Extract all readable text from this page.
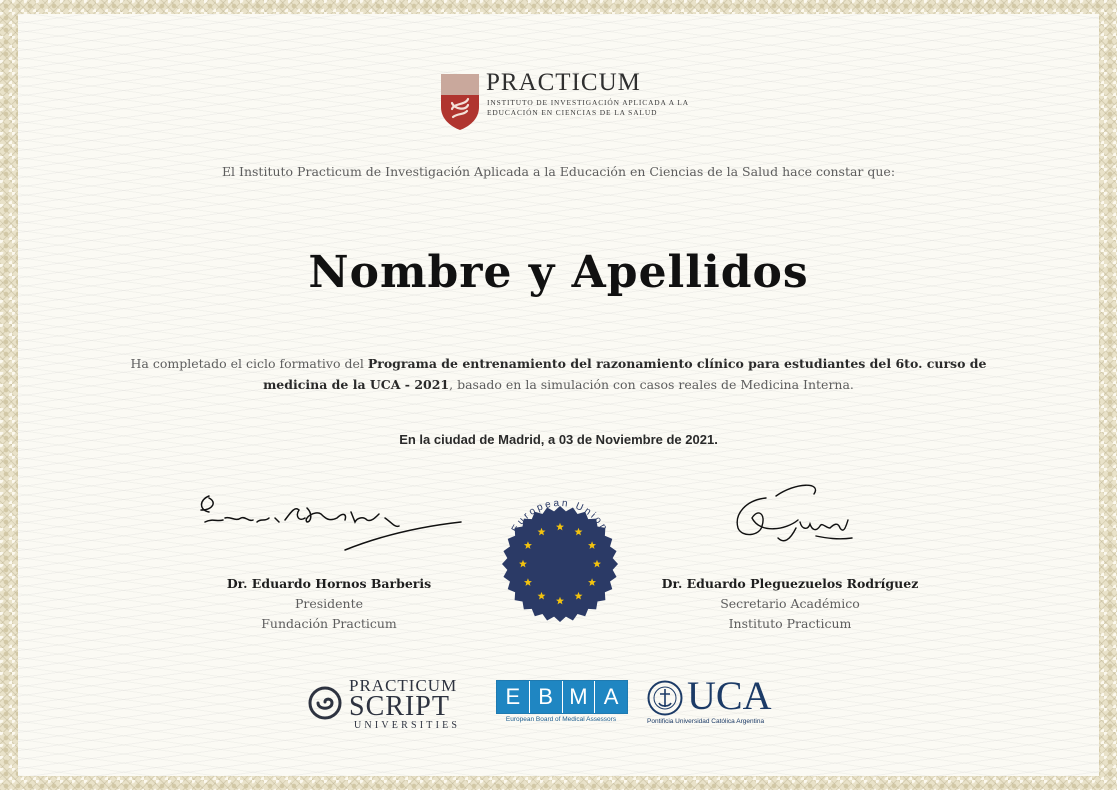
PRACTICUM
INSTITUTO DE INVESTIGACIÓN APLICADA A LA
EDUCACIÓN EN CIENCIAS DE LA SALUD
El Instituto Practicum de Investigación Aplicada a la Educación en Ciencias de la Salud hace constar que:
Nombre y Apellidos
Ha completado el ciclo formativo del Programa de entrenamiento del razonamiento clínico para estudiantes del 6to. curso de medicina de la UCA - 2021, basado en la simulación con casos reales de Medicina Interna.
En la ciudad de Madrid, a 03 de Noviembre de 2021.
Dr. Eduardo Hornos Barberis
Presidente
Fundación Practicum
European Union
Dr. Eduardo Pleguezuelos Rodríguez
Secretario Académico
Instituto Practicum
PRACTICUM
SCRIPT
UNIVERSITIES
E B M A
European Board of Medical Assessors
UCA
Pontificia Universidad Católica Argentina
